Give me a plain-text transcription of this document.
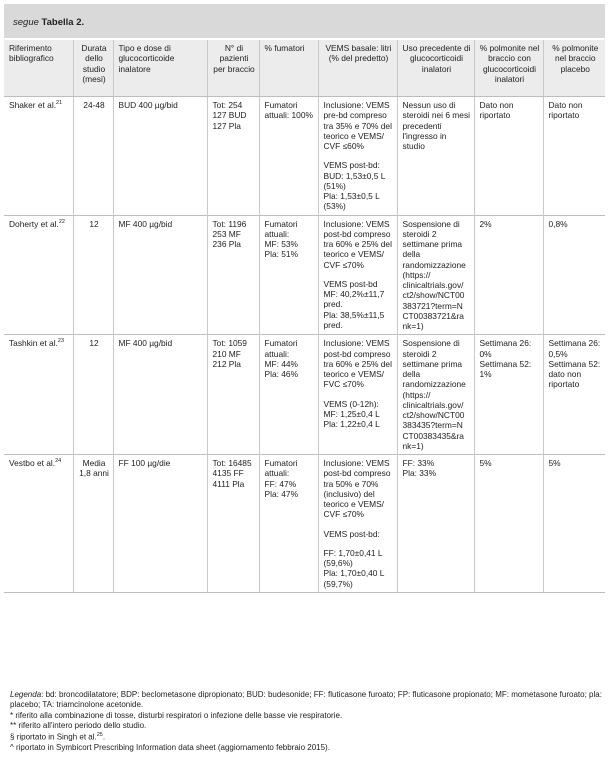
segue Tabella 2.
Riferimento bibliografico	Durata dello studio (mesi)	Tipo e dose di glucocorticoide inalatore	N° di pazienti per braccio	% fumatori	VEMS basale: litri (% del predetto)	Uso precedente di glucocorticoidi inalatori	% polmonite nel braccio con glucocorticoidi inalatori	% polmonite nel braccio placebo
Shaker et al.$^{21}$	24-48	BUD 400 µg/bid	Tot: 254
127 BUD
127 Pla	Fumatori attuali: 100%	Inclusione: VEMS pre-bd compreso tra 35% e 70% del teorico e VEMS/ CVF ≤60%
VEMS post-bd:
BUD: 1,53±0,5 L (51%)
Pla: 1,53±0,5 L (53%)	Nessun uso di steroidi nei 6 mesi precedenti l'ingresso in studio	Dato non riportato	Dato non riportato

Doherty et al.$^{22}$	12	MF 400 µg/bid	Tot: 1196
253 MF
236 Pla	Fumatori attuali:
MF: 53%
Pla: 51%	Inclusione: VEMS post-bd compreso tra 60% e 25% del teorico e VEMS/ CVF ≤70%
VEMS post-bd
MF: 40,2%±11,7 pred.
Pla: 38,5%±11,5 pred.	Sospensione di steroidi 2 settimane prima della randomizzazione (https:// clinicaltrials.gov/ ct2/show/NCT00 383721?term=N CT00383721&ra nk=1)	2%	0,8%

Tashkin et al.$^{23}$	12	MF 400 µg/bid	Tot: 1059
210 MF
212 Pla	Fumatori attuali:
MF: 44%
Pla: 46%	Inclusione: VEMS post-bd compreso tra 60% e 25% del teorico e VEMS/ FVC ≤70%
VEMS (0-12h):
MF: 1,25±0,4 L
Pla: 1,22±0,4 L	Sospensione di steroidi 2 settimane prima della randomizzazione (https:// clinicaltrials.gov/ ct2/show/NCT00 383435?term=N CT00383435&ra nk=1)	Settimana 26: 0%
Settimana 52: 1%	Settimana 26: 0,5%
Settimana 52: dato non riportato

Vestbo et al.$^{24}$	Media 1,8 anni	FF 100 µg/die	Tot: 16485
4135 FF
4111 Pla	Fumatori attuali:
FF: 47%
Pla: 47%	Inclusione: VEMS post-bd compreso tra 50% e 70% (inclusivo) del teorico e VEMS/ CVF ≤70%
VEMS post-bd:
FF: 1,70±0,41 L (59,6%)
Pla: 1,70±0,40 L (59,7%)	FF: 33%
Pla: 33%	5%	5%
Legenda: bd: broncodilatatore; BDP: beclometasone dipropionato; BUD: budesonide; FF: fluticasone furoato; FP: fluticasone propionato; MF: mometasone furoato; pla: placebo; TA: triamcinolone acetonide.
* riferito alla combinazione di tosse, disturbi respiratori o infezione delle basse vie respiratorie.
** riferito all'intero periodo dello studio.
§ riportato in Singh et al.$^{25}$.
^ riportato in Symbicort Prescribing Information data sheet (aggiornamento febbraio 2015).
